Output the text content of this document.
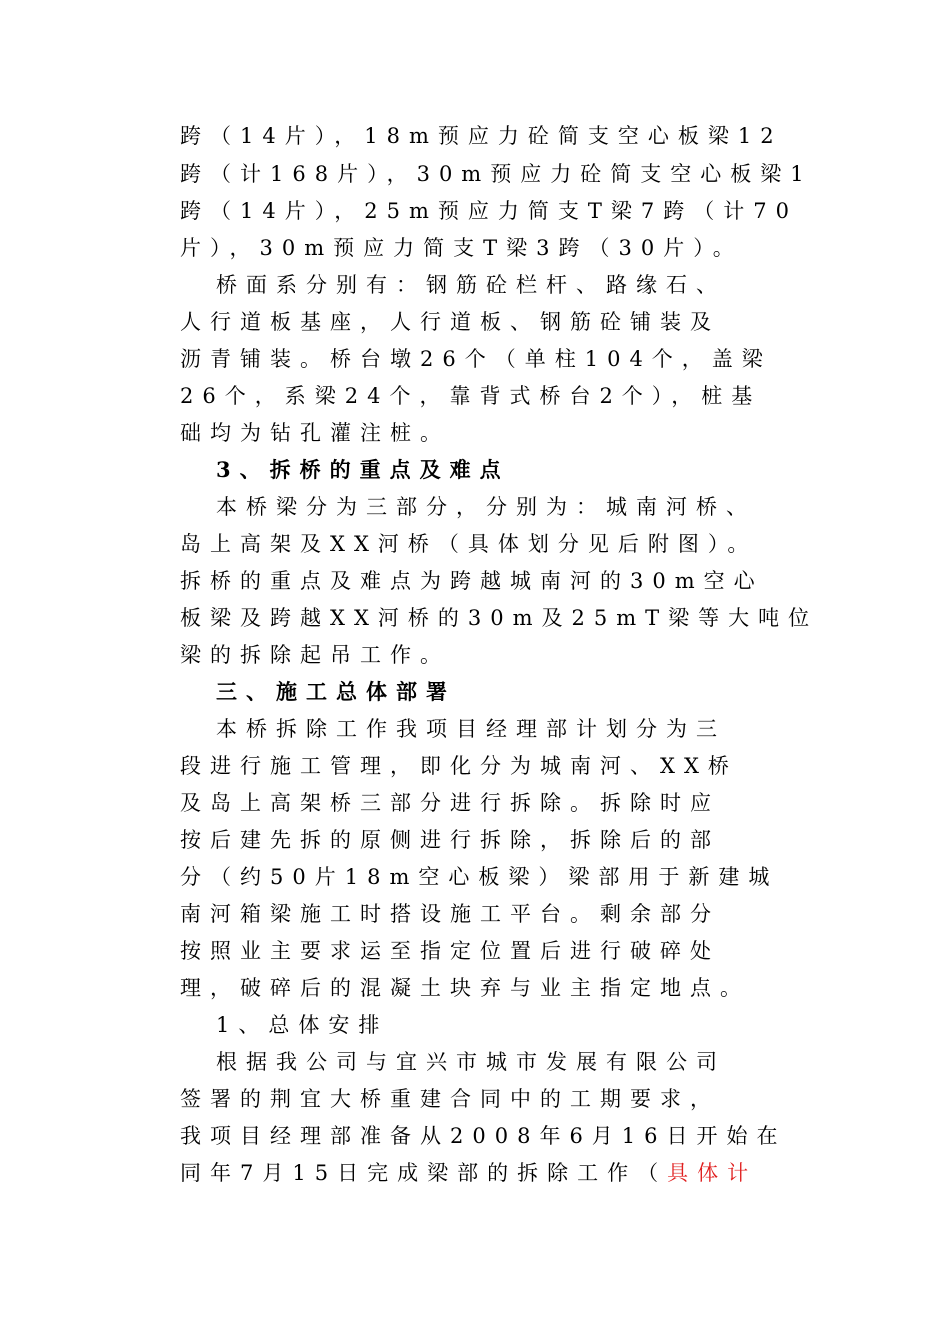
跨（14片），18m预应力砼简支空心板梁12
跨（计168片），30m预应力砼简支空心板梁1
跨（14片），25m预应力简支T梁7跨（计70
片），30m预应力简支T梁3跨（30片）。
桥面系分别有：钢筋砼栏杆、路缘石、
人行道板基座，人行道板、钢筋砼铺装及
沥青铺装。桥台墩26个（单柱104个，盖梁
26个，系梁24个，靠背式桥台2个），桩基
础均为钻孔灌注桩。
3、拆桥的重点及难点
本桥梁分为三部分，分别为：城南河桥、
岛上高架及XX河桥（具体划分见后附图）。
拆桥的重点及难点为跨越城南河的30m空心
板梁及跨越XX河桥的30m及25mT梁等大吨位
梁的拆除起吊工作。
三、施工总体部署
本桥拆除工作我项目经理部计划分为三
段进行施工管理，即化分为城南河、XX桥
及岛上高架桥三部分进行拆除。拆除时应
按后建先拆的原侧进行拆除，拆除后的部
分（约50片18m空心板梁）梁部用于新建城
南河箱梁施工时搭设施工平台。剩余部分
按照业主要求运至指定位置后进行破碎处
理，破碎后的混凝土块弃与业主指定地点。
1、总体安排
根据我公司与宜兴市城市发展有限公司
签署的荆宜大桥重建合同中的工期要求，
我项目经理部准备从2008年6月16日开始在
同年7月15日完成梁部的拆除工作（具体计
